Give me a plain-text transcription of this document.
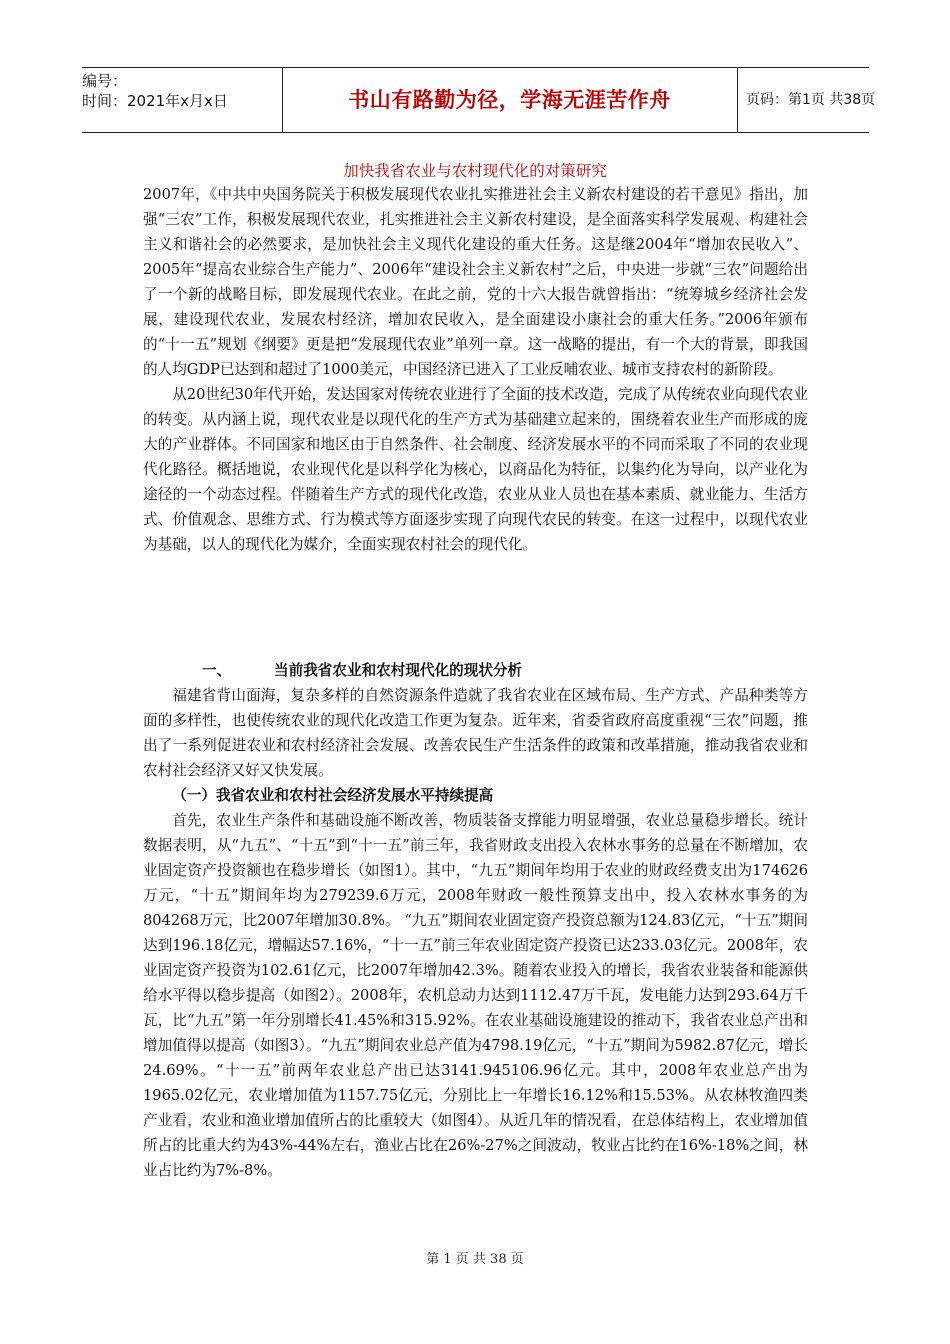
编号：
时间：2021年x月x日	书山有路勤为径，学海无涯苦作舟	页码：第1页 共38页
加快我省农业与农村现代化的对策研究

2007年，《中共中央国务院关于积极发展现代农业扎实推进社会主义新农村建设的若干意见》指出，加强“三农”工作，积极发展现代农业，扎实推进社会主义新农村建设，是全面落实科学发展观、构建社会主义和谐社会的必然要求，是加快社会主义现代化建设的重大任务。这是继2004年“增加农民收入”、2005年“提高农业综合生产能力”、2006年“建设社会主义新农村”之后，中央进一步就“三农”问题给出了一个新的战略目标，即发展现代农业。在此之前，党的十六大报告就曾指出：“统筹城乡经济社会发展，建设现代农业，发展农村经济，增加农民收入，是全面建设小康社会的重大任务。”2006年颁布的“十一五”规划《纲要》更是把“发展现代农业”单列一章。这一战略的提出，有一个大的背景，即我国的人均GDP已达到和超过了1000美元，中国经济已进入了工业反哺农业、城市支持农村的新阶段。

从20世纪30年代开始，发达国家对传统农业进行了全面的技术改造，完成了从传统农业向现代农业的转变。从内涵上说，现代农业是以现代化的生产方式为基础建立起来的，围绕着农业生产而形成的庞大的产业群体。不同国家和地区由于自然条件、社会制度、经济发展水平的不同而采取了不同的农业现代化路径。概括地说，农业现代化是以科学化为核心，以商品化为特征，以集约化为导向，以产业化为途径的一个动态过程。伴随着生产方式的现代化改造，农业从业人员也在基本素质、就业能力、生活方式、价值观念、思维方式、行为模式等方面逐步实现了向现代农民的转变。在这一过程中，以现代农业为基础，以人的现代化为媒介，全面实现农村社会的现代化。

一、	当前我省农业和农村现代化的现状分析

福建省背山面海，复杂多样的自然资源条件造就了我省农业在区域布局、生产方式、产品种类等方面的多样性，也使传统农业的现代化改造工作更为复杂。近年来，省委省政府高度重视“三农”问题，推出了一系列促进农业和农村经济社会发展、改善农民生产生活条件的政策和改革措施，推动我省农业和农村社会经济又好又快发展。

（一）我省农业和农村社会经济发展水平持续提高

首先，农业生产条件和基础设施不断改善，物质装备支撑能力明显增强，农业总量稳步增长。统计数据表明，从“九五”、“十五”到“十一五”前三年，我省财政支出投入农林水事务的总量在不断增加，农业固定资产投资额也在稳步增长（如图1）。其中，“九五”期间年均用于农业的财政经费支出为174626万元，“十五”期间年均为279239.6万元，2008年财政一般性预算支出中，投入农林水事务的为804268万元，比2007年增加30.8%。 “九五”期间农业固定资产投资总额为124.83亿元，“十五”期间达到196.18亿元，增幅达57.16%，“十一五”前三年农业固定资产投资已达233.03亿元。2008年，农业固定资产投资为102.61亿元，比2007年增加42.3%。随着农业投入的增长，我省农业装备和能源供给水平得以稳步提高（如图2）。2008年，农机总动力达到1112.47万千瓦，发电能力达到293.64万千瓦，比“九五”第一年分别增长41.45%和315.92%。在农业基础设施建设的推动下，我省农业总产出和增加值得以提高（如图3）。“九五”期间农业总产值为4798.19亿元，“十五”期间为5982.87亿元，增长24.69%。“十一五”前两年农业总产出已达3141.945106.96亿元。其中，2008年农业总产出为1965.02亿元，农业增加值为1157.75亿元，分别比上一年增长16.12%和15.53%。从农林牧渔四类产业看，农业和渔业增加值所占的比重较大（如图4）。从近几年的情况看，在总体结构上，农业增加值所占的比重大约为43%-44%左右，渔业占比在26%-27%之间波动，牧业占比约在16%-18%之间，林业占比约为7%-8%。

第 1 页 共 38 页
